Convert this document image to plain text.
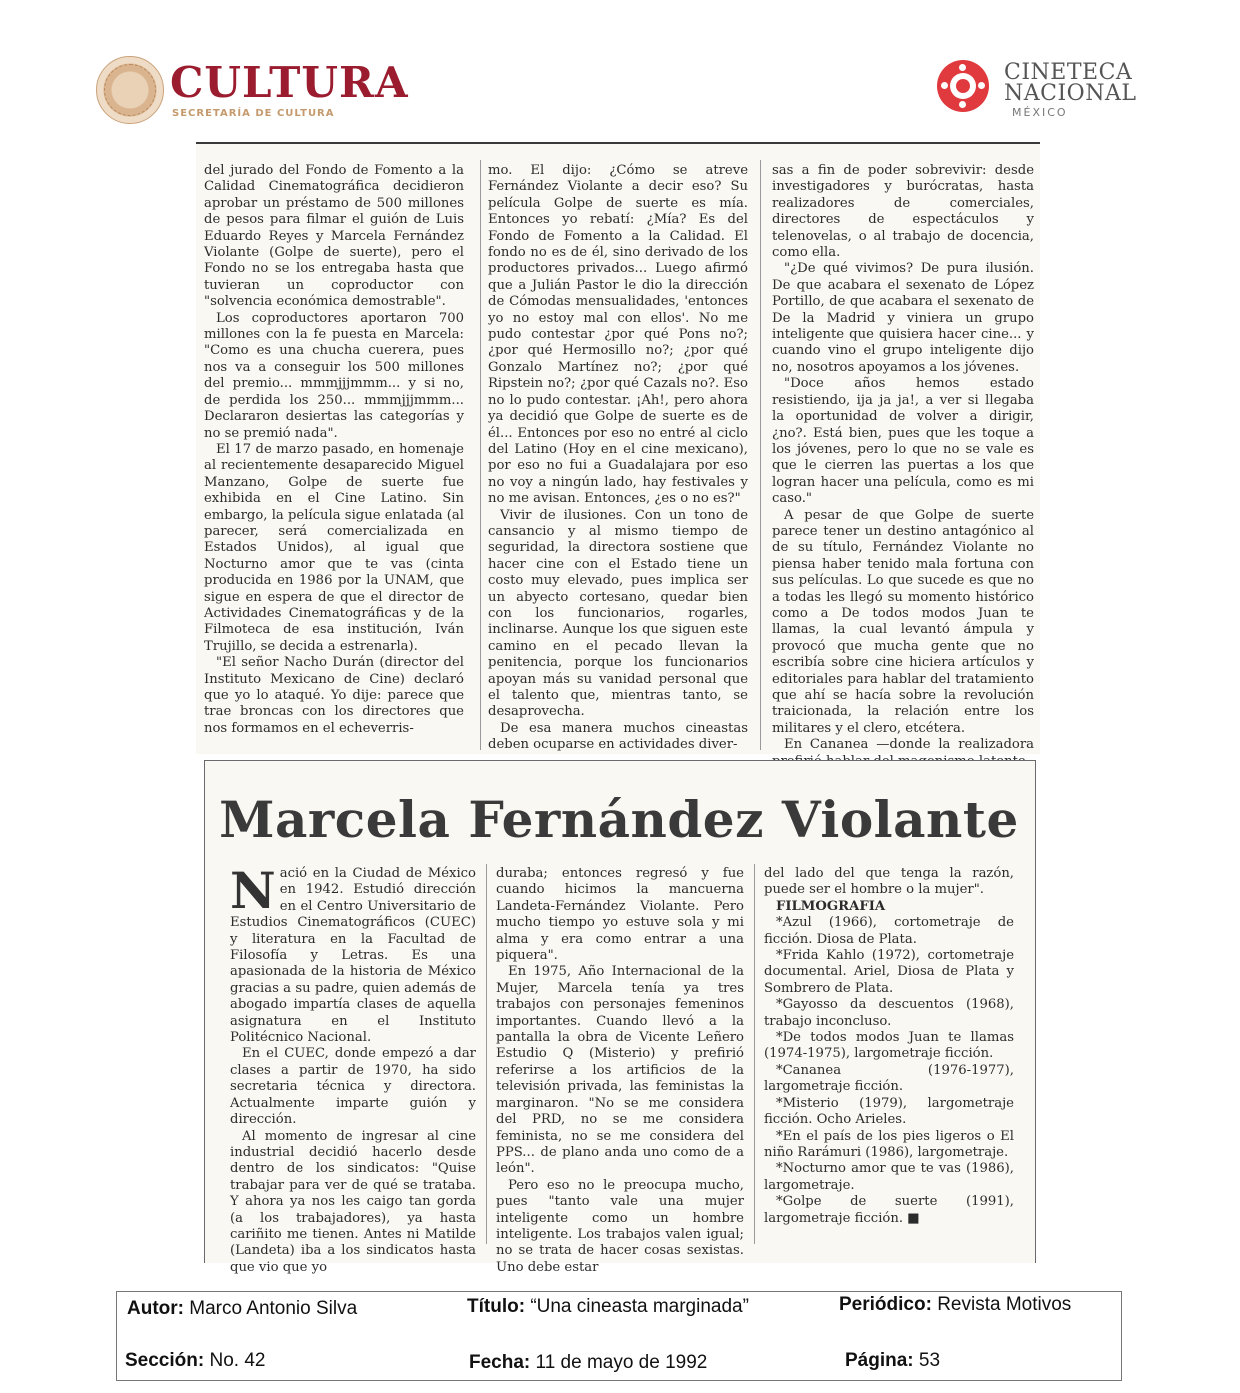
CULTURA
SECRETARÍA DE CULTURA
CINETECA
NACIONAL
MÉXICO

del jurado del Fondo de Fomento a la Calidad Cinematográfica decidieron aprobar un préstamo de 500 millones de pesos para filmar el guión de Luis Eduardo Reyes y Marcela Fernández Violante (Golpe de suerte), pero el Fondo no se los entregaba hasta que tuvieran un coproductor con "solvencia económica demostrable".

Los coproductores aportaron 700 millones con la fe puesta en Marcela: "Como es una chucha cuerera, pues nos va a conseguir los 500 millones del premio... mmmjjjmmm... y si no, de perdida los 250... mmmjjjmmm... Declararon desiertas las categorías y no se premió nada".

El 17 de marzo pasado, en homenaje al recientemente desaparecido Miguel Manzano, Golpe de suerte fue exhibida en el Cine Latino. Sin embargo, la película sigue enlatada (al parecer, será comercializada en Estados Unidos), al igual que Nocturno amor que te vas (cinta producida en 1986 por la UNAM, que sigue en espera de que el director de Actividades Cinematográficas y de la Filmoteca de esa institución, Iván Trujillo, se decida a estrenarla).

"El señor Nacho Durán (director del Instituto Mexicano de Cine) declaró que yo lo ataqué. Yo dije: parece que trae broncas con los directores que nos formamos en el echeverris-

mo. El dijo: ¿Cómo se atreve Fernández Violante a decir eso? Su película Golpe de suerte es mía. Entonces yo rebatí: ¿Mía? Es del Fondo de Fomento a la Calidad. El fondo no es de él, sino derivado de los productores privados... Luego afirmó que a Julián Pastor le dio la dirección de Cómodas mensualidades, 'entonces yo no estoy mal con ellos'. No me pudo contestar ¿por qué Pons no?; ¿por qué Hermosillo no?; ¿por qué Gonzalo Martínez no?; ¿por qué Ripstein no?; ¿por qué Cazals no?. Eso no lo pudo contestar. ¡Ah!, pero ahora ya decidió que Golpe de suerte es de él... Entonces por eso no entré al ciclo del Latino (Hoy en el cine mexicano), por eso no fui a Guadalajara por eso no voy a ningún lado, hay festivales y no me avisan. Entonces, ¿es o no es?"

Vivir de ilusiones. Con un tono de cansancio y al mismo tiempo de seguridad, la directora sostiene que hacer cine con el Estado tiene un costo muy elevado, pues implica ser un abyecto cortesano, quedar bien con los funcionarios, rogarles, inclinarse. Aunque los que siguen este camino en el pecado llevan la penitencia, porque los funcionarios apoyan más su vanidad personal que el talento que, mientras tanto, se desaprovecha.

De esa manera muchos cineastas deben ocuparse en actividades diver-

sas a fin de poder sobrevivir: desde investigadores y burócratas, hasta realizadores de comerciales, directores de espectáculos y telenovelas, o al trabajo de docencia, como ella.

"¿De qué vivimos? De pura ilusión. De que acabara el sexenato de López Portillo, de que acabara el sexenato de De la Madrid y viniera un grupo inteligente que quisiera hacer cine... y cuando vino el grupo inteligente dijo no, nosotros apoyamos a los jóvenes.

"Doce años hemos estado resistiendo, ija ja ja!, a ver si llegaba la oportunidad de volver a dirigir, ¿no?. Está bien, pues que les toque a los jóvenes, pero lo que no se vale es que le cierren las puertas a los que logran hacer una película, como es mi caso."

A pesar de que Golpe de suerte parece tener un destino antagónico al de su título, Fernández Violante no piensa haber tenido mala fortuna con sus películas. Lo que sucede es que no a todas les llegó su momento histórico como a De todos modos Juan te llamas, la cual levantó ámpula y provocó que mucha gente que no escribía sobre cine hiciera artículos y editoriales para hablar del tratamiento que ahí se hacía sobre la revolución traicionada, la relación entre los militares y el clero, etcétera.

En Cananea —donde la realizadora

Marcela Fernández Violante

Nació en la Ciudad de México en 1942. Estudió dirección en el Centro Universitario de Estudios Cinematográficos (CUEC) y literatura en la Facultad de Filosofía y Letras. Es una apasionada de la historia de México gracias a su padre, quien además de abogado impartía clases de aquella asignatura en el Instituto Politécnico Nacional.

En el CUEC, donde empezó a dar clases a partir de 1970, ha sido secretaria técnica y directora. Actualmente imparte guión y dirección.

Al momento de ingresar al cine industrial decidió hacerlo desde dentro de los sindicatos: "Quise trabajar para ver de qué se trataba. Y ahora ya nos les caigo tan gorda (a los trabajadores), ya hasta cariñito me tienen. Antes ni Matilde (Landeta) iba a los sindicatos hasta que vio que yo

duraba; entonces regresó y fue cuando hicimos la mancuerna Landeta-Fernández Violante. Pero mucho tiempo yo estuve sola y mi alma y era como entrar a una piquera".

En 1975, Año Internacional de la Mujer, Marcela tenía ya tres trabajos con personajes femeninos importantes. Cuando llevó a la pantalla la obra de Vicente Leñero Estudio Q (Misterio) y prefirió referirse a los artificios de la televisión privada, las feministas la marginaron. "No se me considera del PRD, no se me considera feminista, no se me considera del PPS... de plano anda uno como de a león".

Pero eso no le preocupa mucho, pues "tanto vale una mujer inteligente como un hombre inteligente. Los trabajos valen igual; no se trata de hacer cosas sexistas. Uno debe estar

del lado del que tenga la razón, puede ser el hombre o la mujer".

FILMOGRAFIA

*Azul (1966), cortometraje de ficción. Diosa de Plata.

*Frida Kahlo (1972), cortometraje documental. Ariel, Diosa de Plata y Sombrero de Plata.

*Gayosso da descuentos (1968), trabajo inconcluso.

*De todos modos Juan te llamas (1974-1975), largometraje ficción.

*Cananea (1976-1977), largometraje ficción.

*Misterio (1979), largometraje ficción. Ocho Arieles.

*En el país de los pies ligeros o El niño Rarámuri (1986), largometraje.

*Nocturno amor que te vas (1986), largometraje.

*Golpe de suerte (1991), largometraje ficción. ■

Autor: Marco Antonio Silva	Título: “Una cineasta marginada”	Periódico: Revista Motivos
Sección: No. 42	Fecha: 11 de mayo de 1992	Página: 53
